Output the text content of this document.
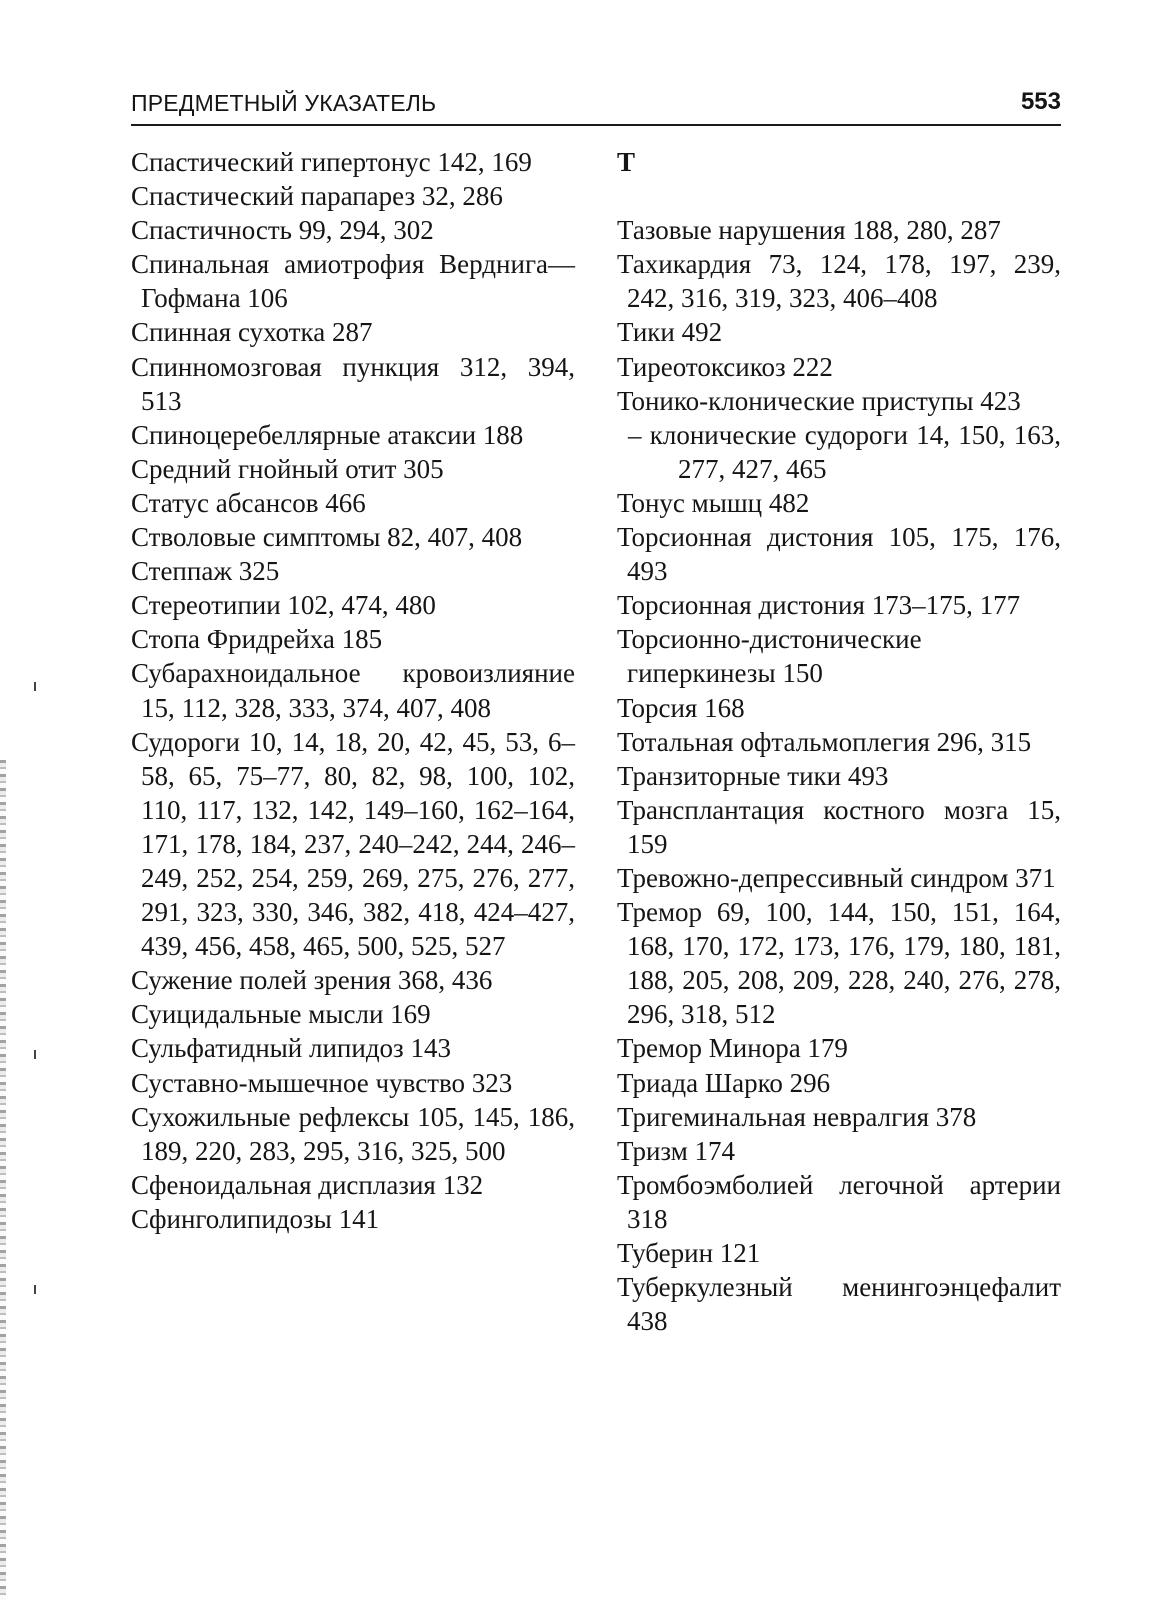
ПРЕДМЕТНЫЙ УКАЗАТЕЛЬ	553
Спастический гипертонус 142, 169
Спастический парапарез 32, 286
Спастичность 99, 294, 302
Спинальная амиотрофия Верднига—Гофмана 106
Спинная сухотка 287
Спинномозговая пункция 312, 394, 513
Спиноцеребеллярные атаксии 188
Средний гнойный отит 305
Статус абсансов 466
Стволовые симптомы 82, 407, 408
Степпаж 325
Стереотипии 102, 474, 480
Стопа Фридрейха 185
Субарахноидальное кровоизлияние 15, 112, 328, 333, 374, 407, 408
Судороги 10, 14, 18, 20, 42, 45, 53, 6–58, 65, 75–77, 80, 82, 98, 100, 102, 110, 117, 132, 142, 149–160, 162–164, 171, 178, 184, 237, 240–242, 244, 246–249, 252, 254, 259, 269, 275, 276, 277, 291, 323, 330, 346, 382, 418, 424–427, 439, 456, 458, 465, 500, 525, 527
Сужение полей зрения 368, 436
Суицидальные мысли 169
Сульфатидный липидоз 143
Суставно-мышечное чувство 323
Сухожильные рефлексы 105, 145, 186, 189, 220, 283, 295, 316, 325, 500
Сфеноидальная дисплазия 132
Сфинголипидозы 141
Т
Тазовые нарушения 188, 280, 287
Тахикардия 73, 124, 178, 197, 239, 242, 316, 319, 323, 406–408
Тики 492
Тиреотоксикоз 222
Тонико-клонические приступы 423
– клонические судороги 14, 150, 163, 277, 427, 465
Тонус мышц 482
Торсионная дистония 105, 175, 176, 493
Торсионная дистония 173–175, 177
Торсионно-дистонические гиперкинезы 150
Торсия 168
Тотальная офтальмоплегия 296, 315
Транзиторные тики 493
Трансплантация костного мозга 15, 159
Тревожно-депрессивный синдром 371
Тремор 69, 100, 144, 150, 151, 164, 168, 170, 172, 173, 176, 179, 180, 181, 188, 205, 208, 209, 228, 240, 276, 278, 296, 318, 512
Тремор Минора 179
Триада Шарко 296
Тригеминальная невралгия 378
Тризм 174
Тромбоэмболией легочной артерии 318
Туберин 121
Туберкулезный менингоэнцефалит 438
